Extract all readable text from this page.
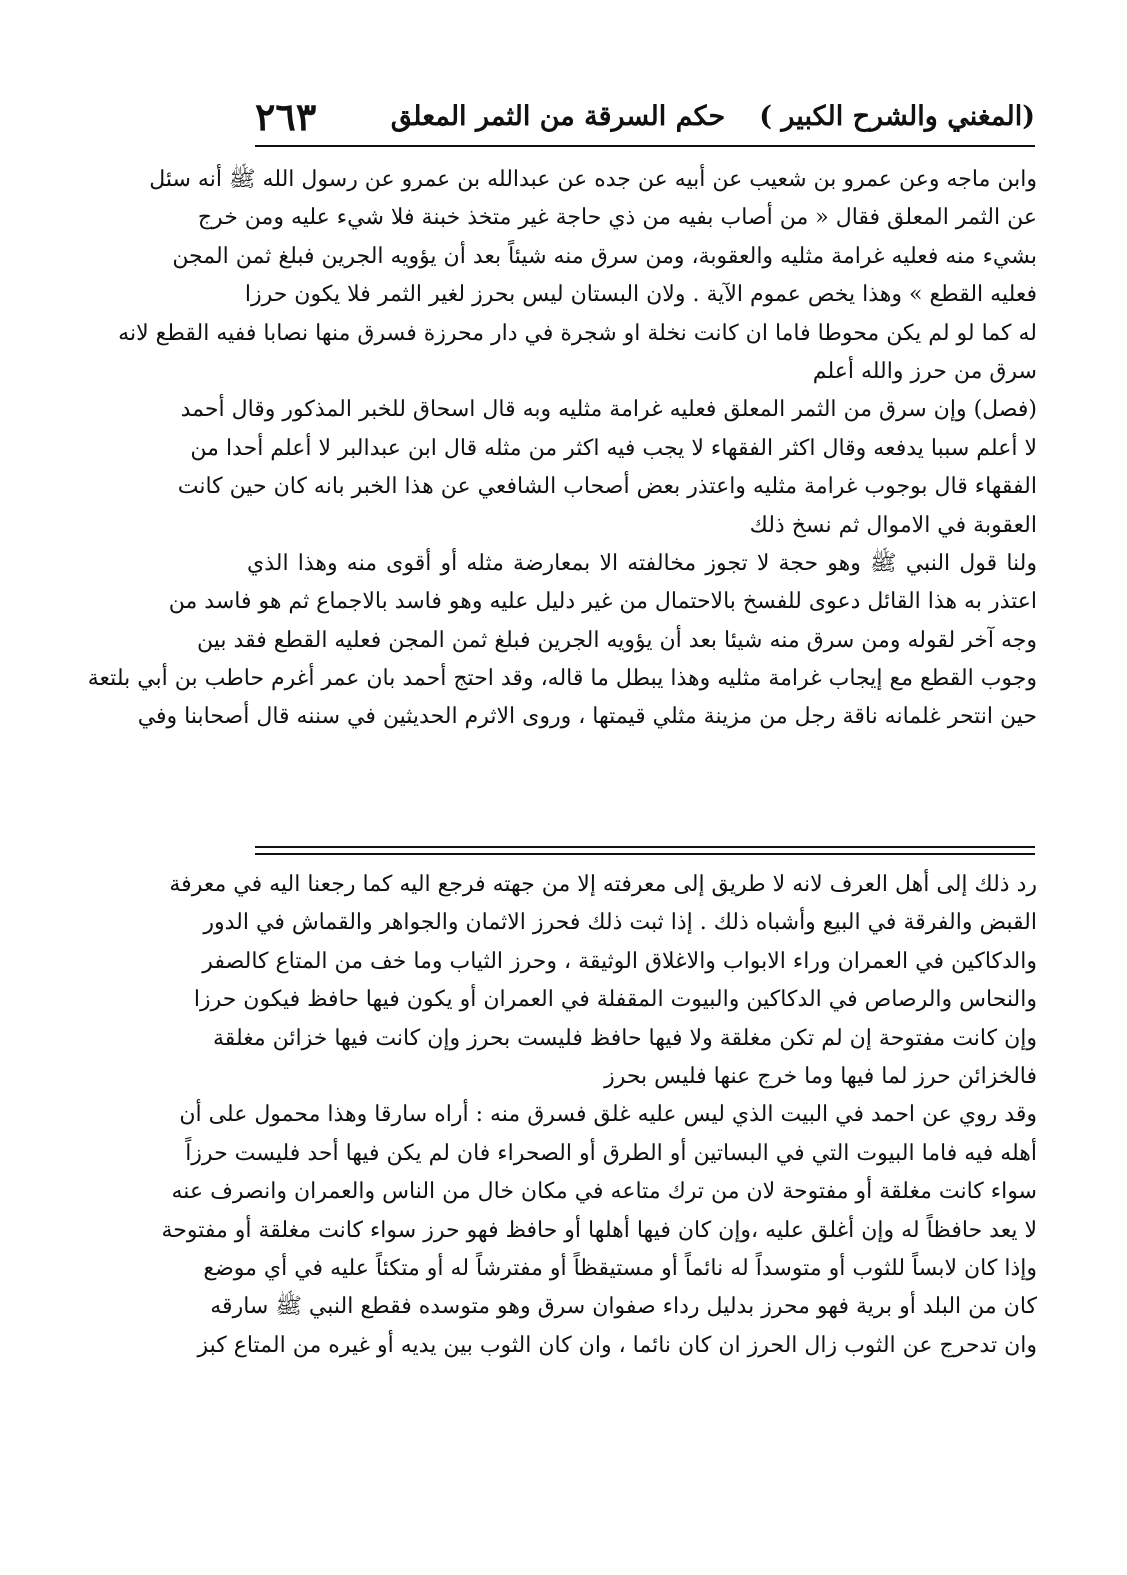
(المغني والشرح الكبير )
حكم السرقة من الثمر المعلق
٢٦٣
وابن ماجه وعن عمرو بن شعيب عن أبيه عن جده عن عبدالله بن عمرو عن رسول الله ﷺ أنه سئل
عن الثمر المعلق فقال « من أصاب بفيه من ذي حاجة غير متخذ خبنة فلا شيء عليه ومن خرج
بشيء منه فعليه غرامة مثليه والعقوبة، ومن سرق منه شيئاً بعد أن يؤويه الجرين فبلغ ثمن المجن
فعليه القطع » وهذا يخص عموم الآية . ولان البستان ليس بحرز لغير الثمر فلا يكون حرزا
له كما لو لم يكن محوطا فاما ان كانت نخلة او شجرة في دار محرزة فسرق منها نصابا ففيه القطع لانه
سرق من حرز والله أعلم
(فصل) وإن سرق من الثمر المعلق فعليه غرامة مثليه وبه قال اسحاق للخبر المذكور وقال أحمد
لا أعلم سببا يدفعه وقال اكثر الفقهاء لا يجب فيه اكثر من مثله قال ابن عبدالبر لا أعلم أحدا من
الفقهاء قال بوجوب غرامة مثليه واعتذر بعض أصحاب الشافعي عن هذا الخبر بانه كان حين كانت
العقوبة في الاموال ثم نسخ ذلك
ولنا قول النبي ﷺ وهو حجة لا تجوز مخالفته الا بمعارضة مثله أو أقوى منه وهذا الذي
اعتذر به هذا القائل دعوى للفسخ بالاحتمال من غير دليل عليه وهو فاسد بالاجماع ثم هو فاسد من
وجه آخر لقوله ومن سرق منه شيئا بعد أن يؤويه الجرين فبلغ ثمن المجن فعليه القطع فقد بين
وجوب القطع مع إيجاب غرامة مثليه وهذا يبطل ما قاله، وقد احتج أحمد بان عمر أغرم حاطب بن أبي بلتعة
حين انتحر غلمانه ناقة رجل من مزينة مثلي قيمتها ، وروى الاثرم الحديثين في سننه قال أصحابنا وفي
رد ذلك إلى أهل العرف لانه لا طريق إلى معرفته إلا من جهته فرجع اليه كما رجعنا اليه في معرفة
القبض والفرقة في البيع وأشباه ذلك . إذا ثبت ذلك فحرز الاثمان والجواهر والقماش في الدور
والدكاكين في العمران وراء الابواب والاغلاق الوثيقة ، وحرز الثياب وما خف من المتاع كالصفر
والنحاس والرصاص في الدكاكين والبيوت المقفلة في العمران أو يكون فيها حافظ فيكون حرزا
وإن كانت مفتوحة إن لم تكن مغلقة ولا فيها حافظ فليست بحرز وإن كانت فيها خزائن مغلقة
فالخزائن حرز لما فيها وما خرج عنها فليس بحرز
وقد روي عن احمد في البيت الذي ليس عليه غلق فسرق منه : أراه سارقا وهذا محمول على أن
أهله فيه فاما البيوت التي في البساتين أو الطرق أو الصحراء فان لم يكن فيها أحد فليست حرزاً
سواء كانت مغلقة أو مفتوحة لان من ترك متاعه في مكان خال من الناس والعمران وانصرف عنه
لا يعد حافظاً له وإن أغلق عليه ،وإن كان فيها أهلها أو حافظ فهو حرز سواء كانت مغلقة أو مفتوحة
وإذا كان لابساً للثوب أو متوسداً له نائماً أو مستيقظاً أو مفترشاً له أو متكئاً عليه في أي موضع
كان من البلد أو برية فهو محرز بدليل رداء صفوان سرق وهو متوسده فقطع النبي ﷺ سارقه
وان تدحرج عن الثوب زال الحرز ان كان نائما ، وان كان الثوب بين يديه أو غيره من المتاع كبز
